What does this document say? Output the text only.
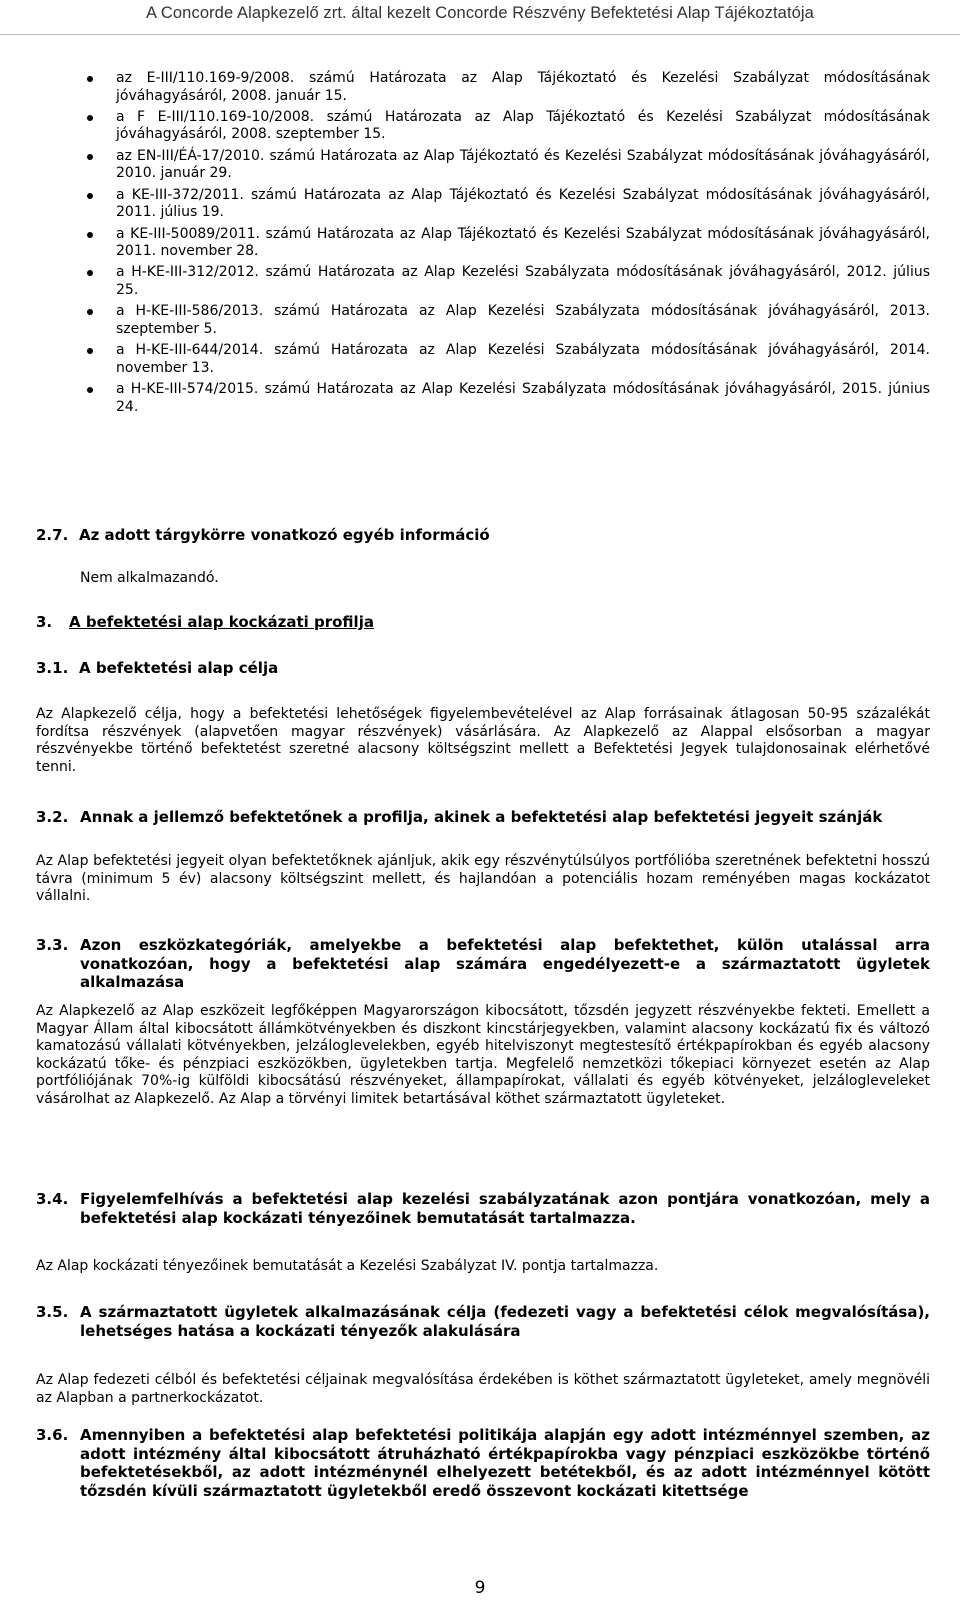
A Concorde Alapkezelő zrt. által kezelt Concorde Részvény Befektetési Alap Tájékoztatója
az E-III/110.169-9/2008. számú Határozata az Alap Tájékoztató és Kezelési Szabályzat módosításának jóváhagyásáról, 2008. január 15.
a F E-III/110.169-10/2008. számú Határozata az Alap Tájékoztató és Kezelési Szabályzat módosításának jóváhagyásáról, 2008. szeptember 15.
az EN-III/ÉÁ-17/2010. számú Határozata az Alap Tájékoztató és Kezelési Szabályzat módosításának jóváhagyásáról, 2010. január 29.
a KE-III-372/2011. számú Határozata az Alap Tájékoztató és Kezelési Szabályzat módosításának jóváhagyásáról, 2011. július 19.
a KE-III-50089/2011. számú Határozata az Alap Tájékoztató és Kezelési Szabályzat módosításának jóváhagyásáról, 2011. november 28.
a H-KE-III-312/2012. számú Határozata az Alap Kezelési Szabályzata módosításának jóváhagyásáról, 2012. július 25.
a H-KE-III-586/2013. számú Határozata az Alap Kezelési Szabályzata módosításának jóváhagyásáról, 2013. szeptember 5.
a H-KE-III-644/2014. számú Határozata az Alap Kezelési Szabályzata módosításának jóváhagyásáról, 2014. november 13.
a H-KE-III-574/2015. számú Határozata az Alap Kezelési Szabályzata módosításának jóváhagyásáról, 2015. június 24.
2.7. Az adott tárgykörre vonatkozó egyéb információ
Nem alkalmazandó.
3. A befektetési alap kockázati profilja
3.1. A befektetési alap célja
Az Alapkezelő célja, hogy a befektetési lehetőségek figyelembevételével az Alap forrásainak átlagosan 50-95 százalékát fordítsa részvények (alapvetően magyar részvények) vásárlására. Az Alapkezelő az Alappal elsősorban a magyar részvényekbe történő befektetést szeretné alacsony költségszint mellett a Befektetési Jegyek tulajdonosainak elérhetővé tenni.
3.2. Annak a jellemző befektetőnek a profilja, akinek a befektetési alap befektetési jegyeit szánják
Az Alap befektetési jegyeit olyan befektetőknek ajánljuk, akik egy részvénytúlsúlyos portfólióba szeretnének befektetni hosszú távra (minimum 5 év) alacsony költségszint mellett, és hajlandóan a potenciális hozam reményében magas kockázatot vállalni.
3.3. Azon eszközkategóriák, amelyekbe a befektetési alap befektethet, külön utalással arra vonatkozóan, hogy a befektetési alap számára engedélyezett-e a származtatott ügyletek alkalmazása
Az Alapkezelő az Alap eszközeit legfőképpen Magyarországon kibocsátott, tőzsdén jegyzett részvényekbe fekteti. Emellett a Magyar Állam által kibocsátott állámkötvényekben és diszkont kincstárjegyekben, valamint alacsony kockázatú fix és változó kamatozású vállalati kötvényekben, jelzáloglevelekben, egyéb hitelviszonyt megtestesítő értékpapírokban és egyéb alacsony kockázatú tőke- és pénzpiaci eszközökben, ügyletekben tartja. Megfelelő nemzetközi tőkepiaci környezet esetén az Alap portfóliójának 70%-ig külföldi kibocsátású részvényeket, állampapírokat, vállalati és egyéb kötvényeket, jelzálogleveleket vásárolhat az Alapkezelő. Az Alap a törvényi limitek betartásával köthet származtatott ügyleteket.
3.4. Figyelemfelhívás a befektetési alap kezelési szabályzatának azon pontjára vonatkozóan, mely a befektetési alap kockázati tényezőinek bemutatását tartalmazza.
Az Alap kockázati tényezőinek bemutatását a Kezelési Szabályzat IV. pontja tartalmazza.
3.5. A származtatott ügyletek alkalmazásának célja (fedezeti vagy a befektetési célok megvalósítása), lehetséges hatása a kockázati tényezők alakulására
Az Alap fedezeti célból és befektetési céljainak megvalósítása érdekében is köthet származtatott ügyleteket, amely megnövéli az Alapban a partnerkockázatot.
3.6. Amennyiben a befektetési alap befektetési politikája alapján egy adott intézménnyel szemben, az adott intézmény által kibocsátott átruházható értékpapírokba vagy pénzpiaci eszközökbe történő befektetésekből, az adott intézménynél elhelyezett betétekből, és az adott intézménnyel kötött tőzsdén kívüli származtatott ügyletekből eredő összevont kockázati kitettsége
9
